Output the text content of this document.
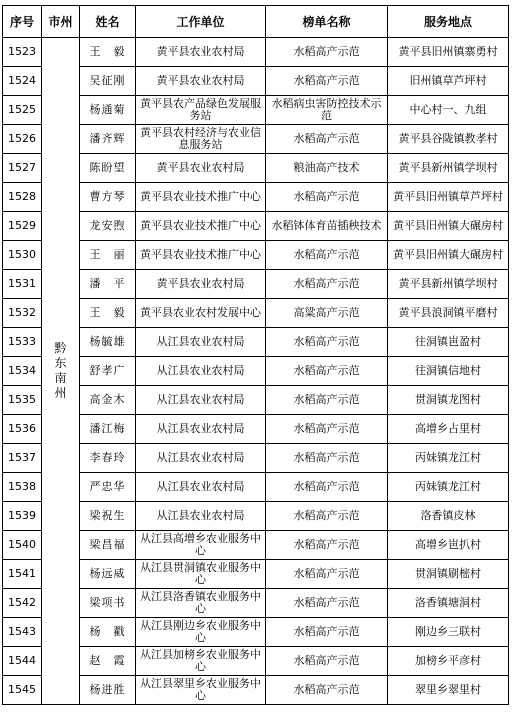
序号	市州	姓名	工作单位	榜单名称	服务地点
1523	黔东南州	王　毅	黄平县农业农村局	水稻高产示范	黄平县旧州镇寨勇村
1524		吴征刚	黄平县农业农村局	水稻高产示范	旧州镇草芦坪村
1525		杨通菊	黄平县农产品绿色发展服务站	水稻病虫害防控技术示范	中心村一、九组
1526		潘齐辉	黄平县农村经济与农业信息服务站	水稻高产示范	黄平县谷陇镇教孝村
1527		陈盼望	黄平县农业农村局	粮油高产技术	黄平县新州镇学坝村
1528		曹方琴	黄平县农业技术推广中心	水稻高产示范	黄平县旧州镇草芦坪村
1529		龙安煦	黄平县农业技术推广中心	水稻钵体育苗插秧技术	黄平县旧州镇大碾房村
1530		王　丽	黄平县农业技术推广中心	水稻高产示范	黄平县旧州镇大碾房村
1531		潘　平	黄平县农业农村局	水稻高产示范	黄平县新州镇学坝村
1532		王　毅	黄平县农业农村发展中心	高粱高产示范	黄平县浪洞镇平磨村
1533		杨毓雄	从江县农业农村局	水稻高产示范	往洞镇岜盈村
1534		舒孝广	从江县农业农村局	水稻高产示范	往洞镇信地村
1535		高金木	从江县农业农村局	水稻高产示范	贯洞镇龙图村
1536		潘江梅	从江县农业农村局	水稻高产示范	高增乡占里村
1537		李春玲	从江县农业农村局	水稻高产示范	丙妹镇龙江村
1538		严忠华	从江县农业农村局	水稻高产示范	丙妹镇龙江村
1539		梁祝生	从江县农业农村局	水稻高产示范	洛香镇皮林
1540		梁昌福	从江县高增乡农业服务中心	水稻高产示范	高增乡岜扒村
1541		杨远威	从江县贯洞镇农业服务中心	水稻高产示范	贯洞镇刷樒村
1542		梁项书	从江县洛香镇农业服务中心	水稻高产示范	洛香镇塘洞村
1543		杨　戳	从江县刚边乡农业服务中心	水稻高产示范	刚边乡三联村
1544		赵　霞	从江县加榜乡农业服务中心	水稻高产示范	加榜乡平彦村
1545		杨进胜	从江县翠里乡农业服务中心	水稻高产示范	翠里乡翠里村
